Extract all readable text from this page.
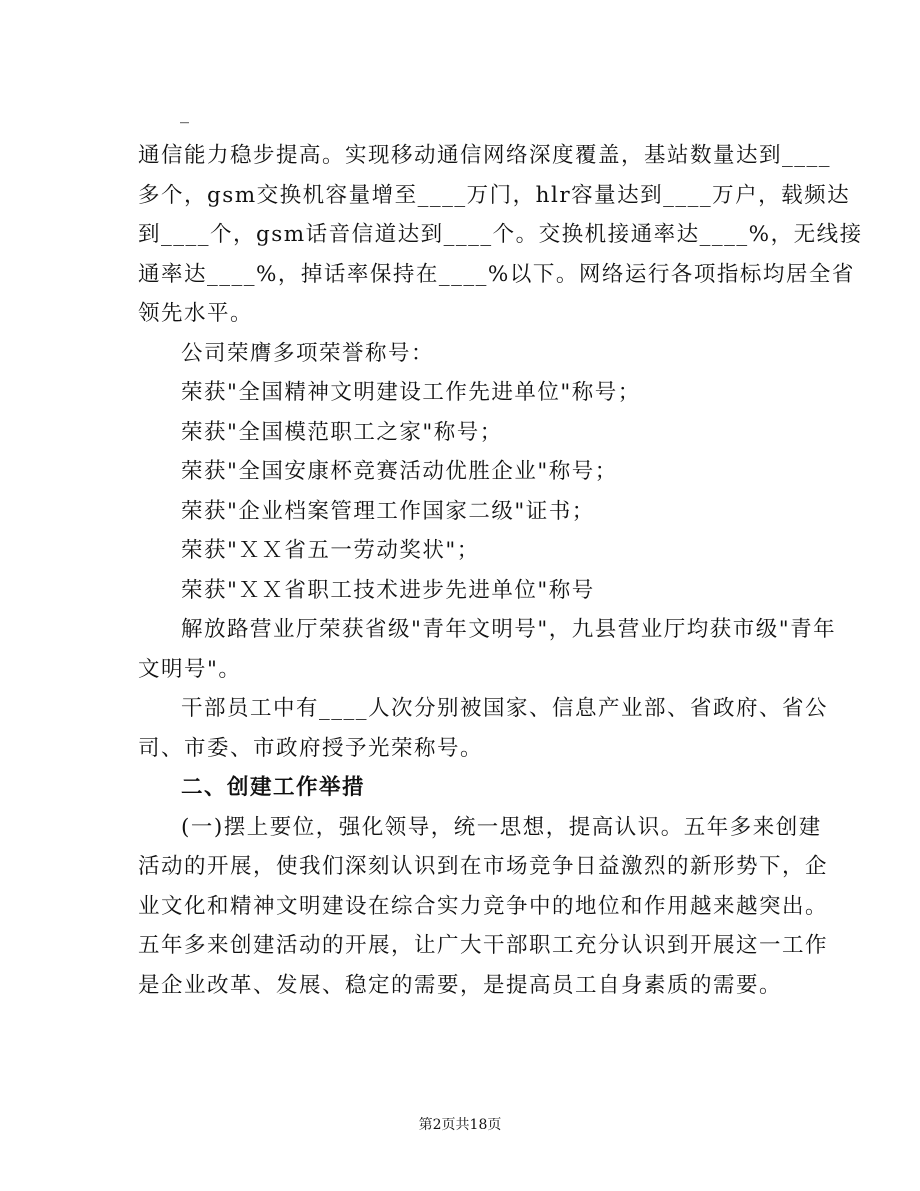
_

通信能力稳步提高。实现移动通信网络深度覆盖，基站数量达到____
多个，gsm交换机容量增至____万门，hlr容量达到____万户，载频达
到____个，gsm话音信道达到____个。交换机接通率达____%，无线接
通率达____%，掉话率保持在____%以下。网络运行各项指标均居全省
领先水平。

公司荣膺多项荣誉称号：

荣获"全国精神文明建设工作先进单位"称号；

荣获"全国模范职工之家"称号；

荣获"全国安康杯竞赛活动优胜企业"称号；

荣获"企业档案管理工作国家二级"证书；

荣获"ＸＸ省五一劳动奖状"；

荣获"ＸＸ省职工技术进步先进单位"称号

解放路营业厅荣获省级"青年文明号"，九县营业厅均获市级"青年
文明号"。

干部员工中有____人次分别被国家、信息产业部、省政府、省公
司、市委、市政府授予光荣称号。

二、创建工作举措

(一)摆上要位，强化领导，统一思想，提高认识。五年多来创建
活动的开展，使我们深刻认识到在市场竞争日益激烈的新形势下，企
业文化和精神文明建设在综合实力竞争中的地位和作用越来越突出。
五年多来创建活动的开展，让广大干部职工充分认识到开展这一工作
是企业改革、发展、稳定的需要，是提高员工自身素质的需要。

第2页共18页
